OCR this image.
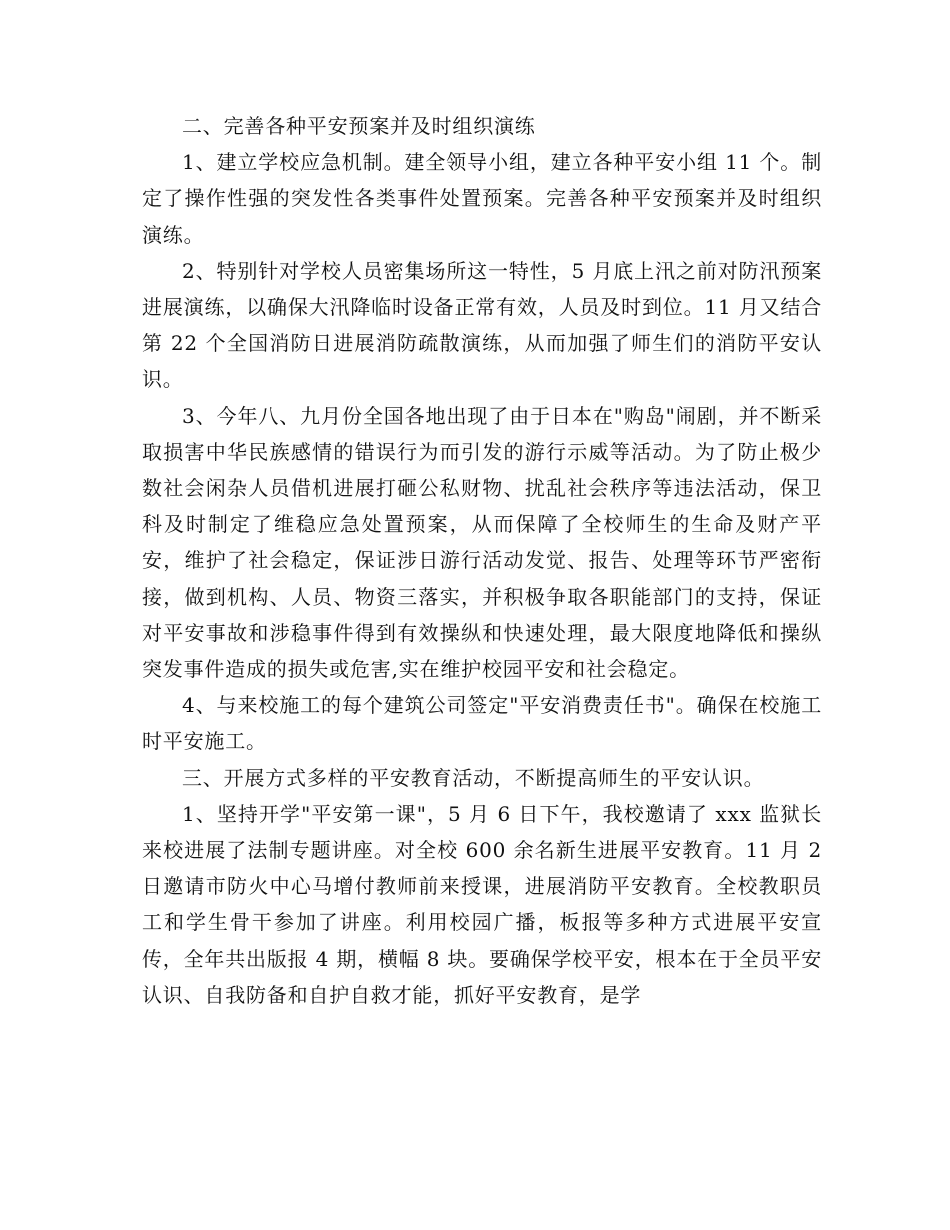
二、完善各种平安预案并及时组织演练

1、建立学校应急机制。建全领导小组，建立各种平安小组 11 个。制定了操作性强的突发性各类事件处置预案。完善各种平安预案并及时组织演练。

2、特别针对学校人员密集场所这一特性，5 月底上汛之前对防汛预案进展演练，以确保大汛降临时设备正常有效，人员及时到位。11 月又结合第 22 个全国消防日进展消防疏散演练，从而加强了师生们的消防平安认识。

3、今年八、九月份全国各地出现了由于日本在"购岛"闹剧，并不断采取损害中华民族感情的错误行为而引发的游行示威等活动。为了防止极少数社会闲杂人员借机进展打砸公私财物、扰乱社会秩序等违法活动，保卫科及时制定了维稳应急处置预案，从而保障了全校师生的生命及财产平安，维护了社会稳定，保证涉日游行活动发觉、报告、处理等环节严密衔接，做到机构、人员、物资三落实，并积极争取各职能部门的支持，保证对平安事故和涉稳事件得到有效操纵和快速处理，最大限度地降低和操纵突发事件造成的损失或危害,实在维护校园平安和社会稳定。

4、与来校施工的每个建筑公司签定"平安消费责任书"。确保在校施工时平安施工。

三、开展方式多样的平安教育活动，不断提高师生的平安认识。

1、坚持开学"平安第一课"，5 月 6 日下午，我校邀请了 xxx 监狱长来校进展了法制专题讲座。对全校 600 余名新生进展平安教育。11 月 2 日邀请市防火中心马增付教师前来授课，进展消防平安教育。全校教职员工和学生骨干参加了讲座。利用校园广播，板报等多种方式进展平安宣传，全年共出版报 4 期，横幅 8 块。要确保学校平安，根本在于全员平安认识、自我防备和自护自救才能，抓好平安教育，是学
